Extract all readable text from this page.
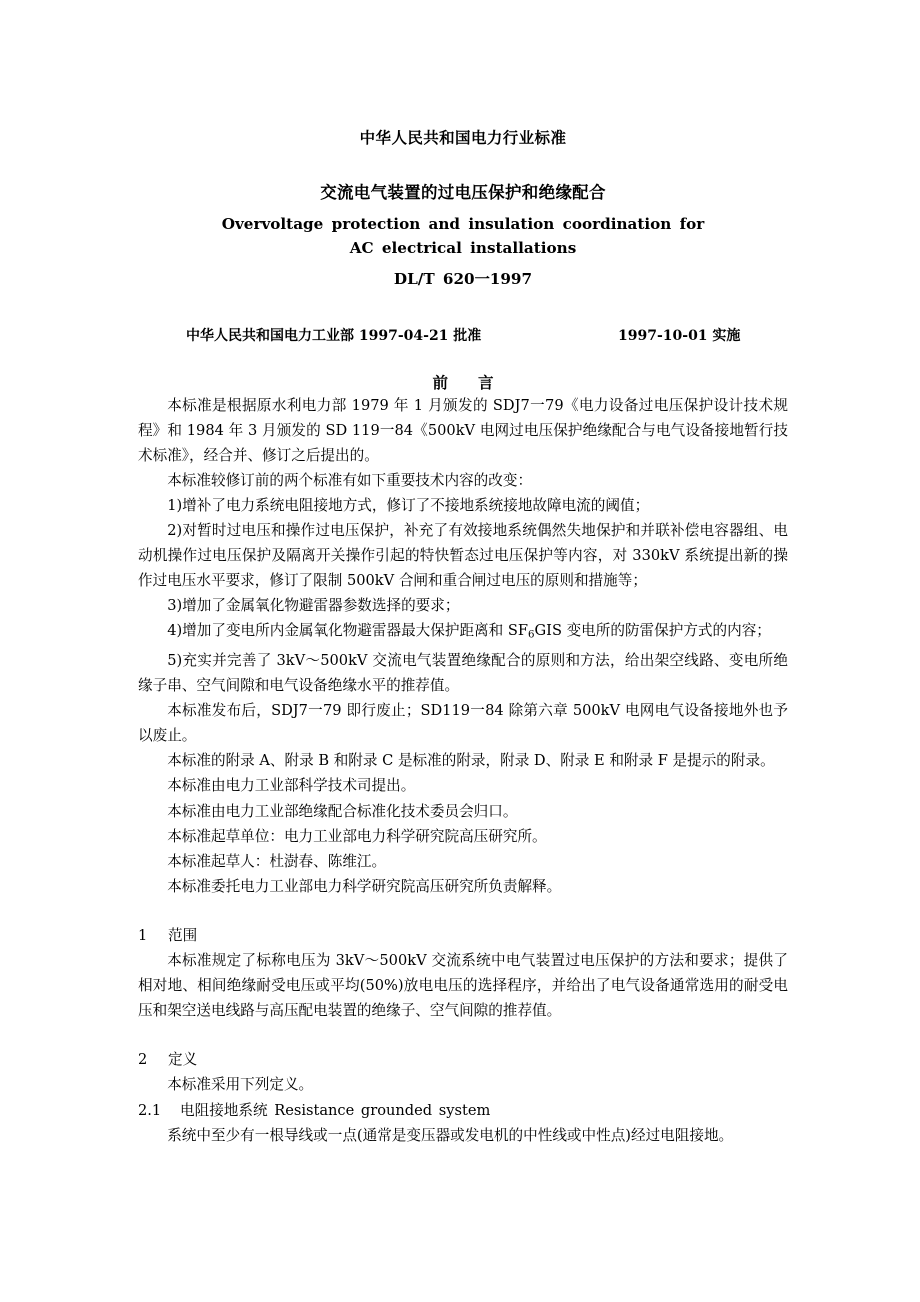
中华人民共和国电力行业标准
交流电气装置的过电压保护和绝缘配合
Overvoltage protection and insulation coordination for
AC electrical installations
DL/T 620一1997
中华人民共和国电力工业部 1997-04-21 批准	1997-10-01 实施
前 言

本标准是根据原水利电力部 1979 年 1 月颁发的 SDJ7一79《电力设备过电压保护设计技术规程》和 1984 年 3 月颁发的 SD 119一84《500kV 电网过电压保护绝缘配合与电气设备接地暂行技术标准》，经合并、修订之后提出的。

本标准较修订前的两个标准有如下重要技术内容的改变：

1)增补了电力系统电阻接地方式，修订了不接地系统接地故障电流的阈值；

2)对暂时过电压和操作过电压保护，补充了有效接地系统偶然失地保护和并联补偿电容器组、电动机操作过电压保护及隔离开关操作引起的特快暂态过电压保护等内容，对 330kV 系统提出新的操作过电压水平要求，修订了限制 500kV 合闸和重合闸过电压的原则和措施等；

3)增加了金属氧化物避雷器参数选择的要求；

4)增加了变电所内金属氧化物避雷器最大保护距离和 $SF_6GIS$ 变电所的防雷保护方式的内容；

5)充实并完善了 3kV～500kV 交流电气装置绝缘配合的原则和方法，给出架空线路、变电所绝缘子串、空气间隙和电气设备绝缘水平的推荐值。

本标准发布后，SDJ7一79 即行废止；SD119一84 除第六章 500kV 电网电气设备接地外也予以废止。

本标准的附录 A、附录 B 和附录 C 是标准的附录，附录 D、附录 E 和附录 F 是提示的附录。

本标准由电力工业部科学技术司提出。

本标准由电力工业部绝缘配合标准化技术委员会归口。

本标准起草单位：电力工业部电力科学研究院高压研究所。

本标准起草人：杜澍春、陈维江。

本标准委托电力工业部电力科学研究院高压研究所负责解释。

1 范围

本标准规定了标称电压为 3kV～500kV 交流系统中电气装置过电压保护的方法和要求；提供了相对地、相间绝缘耐受电压或平均(50%)放电电压的选择程序，并给出了电气设备通常选用的耐受电压和架空送电线路与高压配电装置的绝缘子、空气间隙的推荐值。

2 定义

本标准采用下列定义。

2.1 电阻接地系统 Resistance grounded system

系统中至少有一根导线或一点(通常是变压器或发电机的中性线或中性点)经过电阻接地。
